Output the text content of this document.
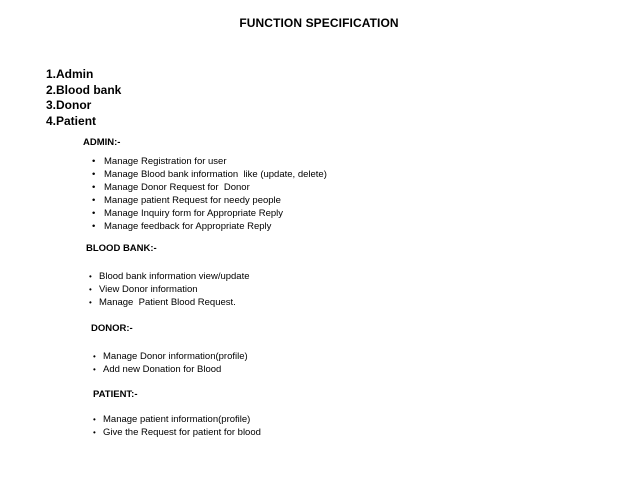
FUNCTION SPECIFICATION
1.Admin
2.Blood bank
3.Donor
4.Patient
ADMIN:-
• Manage Registration for user
• Manage Blood bank information  like (update, delete)
• Manage Donor Request for  Donor
• Manage patient Request for needy people
• Manage Inquiry form for Appropriate Reply
• Manage feedback for Appropriate Reply
BLOOD BANK:-
• Blood bank information view/update
• View Donor information
• Manage  Patient Blood Request.
DONOR:-
• Manage Donor information(profile)
• Add new Donation for Blood
PATIENT:-
• Manage patient information(profile)
• Give the Request for patient for blood
